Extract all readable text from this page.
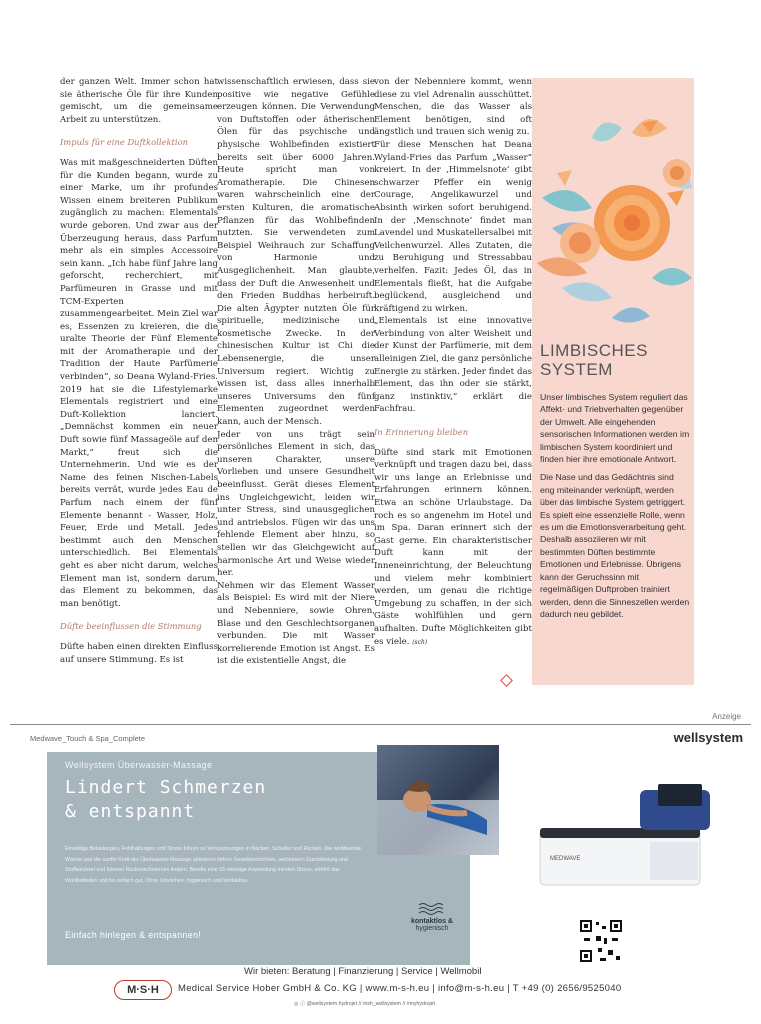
der ganzen Welt. Immer schon hat sie ätherische Öle für ihre Kunden gemischt, um die gemeinsame Arbeit zu unterstützen.

Impuls für eine Duftkollektion

Was mit maßgeschneiderten Düften für die Kunden begann, wurde zu einer Marke, um ihr profundes Wissen einem breiteren Publikum zugänglich zu machen: Elementals wurde geboren. Und zwar aus der Überzeugung heraus, dass Parfum mehr als ein simples Accessoire sein kann. „Ich habe fünf Jahre lang geforscht, recherchiert, mit Parfümeuren in Grasse und mit TCM-Experten zusammengearbeitet. Mein Ziel war es, Essenzen zu kreieren, die die uralte Theorie der Fünf Elemente mit der Aromatherapie und der Tradition der Haute Parfümerie verbinden“, so Deana Wyland-Fries. 2019 hat sie die Lifestylemarke Elementals registriert und eine Duft-Kollektion lanciert. „Demnächst kommen ein neuer Duft sowie fünf Massageöle auf den Markt,“ freut sich die Unternehmerin. Und wie es der Name des feinen Nischen-Labels bereits verrät, wurde jedes Eau de Parfum nach einem der fünf Elemente benannt - Wasser, Holz, Feuer, Erde und Metall. Jedes bestimmt auch den Menschen unterschiedlich. Bei Elementals geht es aber nicht darum, welches Element man ist, sondern darum, das Element zu bekommen, das man benötigt.

Düfte beeinflussen die Stimmung

Düfte haben einen direkten Einfluss auf unsere Stimmung. Es ist

wissenschaftlich erwiesen, dass sie positive wie negative Gefühle erzeugen können. Die Verwendung von Duftstoffen oder ätherischen Ölen für das psychische und physische Wohlbefinden existiert bereits seit über 6000 Jahren. Heute spricht man von Aromatherapie. Die Chinesen waren wahrscheinlich eine der ersten Kulturen, die aromatische Pflanzen für das Wohlbefinden nutzten. Sie verwendeten zum Beispiel Weihrauch zur Schaffung von Harmonie und Ausgeglichenheit. Man glaubte, dass der Duft die Anwesenheit und den Frieden Buddhas herbeiruft. Die alten Ägypter nutzten Öle für spirituelle, medizinische und kosmetische Zwecke. In der chinesischen Kultur ist Chi die Lebensenergie, die unser Universum regiert. Wichtig zu wissen ist, dass alles innerhalb unseres Universums den fünf Elementen zugeordnet werden kann, auch der Mensch.

Jeder von uns trägt sein persönliches Element in sich, das unseren Charakter, unsere Vorlieben und unsere Gesundheit beeinflusst. Gerät dieses Element ins Ungleichgewicht, leiden wir unter Stress, sind unausgeglichen und antriebslos. Fügen wir das uns fehlende Element aber hinzu, so stellen wir das Gleichgewicht auf harmonische Art und Weise wieder her.

Nehmen wir das Element Wasser als Beispiel: Es wird mit der Niere und Nebenniere, sowie Ohren, Blase und den Geschlechtsorganen verbunden. Die mit Wasser korrelierende Emotion ist Angst. Es ist die existentielle Angst, die

von der Nebenniere kommt, wenn diese zu viel Adrenalin ausschüttet. Menschen, die das Wasser als Element benötigen, sind oft ängstlich und trauen sich wenig zu.

Für diese Menschen hat Deana Wyland-Fries das Parfum „Wasser“ kreiert. In der ‚Himmelsnote‘ gibt schwarzer Pfeffer ein wenig Courage, Angelikawurzel und Absinth wirken sofort beruhigend. In der ‚Menschnote‘ findet man Lavendel und Muskatellersalbei mit Veilchenwurzel. Alles Zutaten, die zu Beruhigung und Stressabbau verhelfen. Fazit: Jedes Öl, das in Elementals fließt, hat die Aufgabe beglückend, ausgleichend und kräftigend zu wirken.

„Elementals ist eine innovative Verbindung von alter Weisheit und der Kunst der Parfümerie, mit dem alleinigen Ziel, die ganz persönliche Energie zu stärken. Jeder findet das Element, das ihn oder sie stärkt, ganz instinktiv,“ erklärt die Fachfrau.

In Erinnerung bleiben

Düfte sind stark mit Emotionen verknüpft und tragen dazu bei, dass wir uns lange an Erlebnisse und Erfahrungen erinnern können. Etwa an schöne Urlaubstage. Da roch es so angenehm im Hotel und im Spa. Daran erinnert sich der Gast gerne. Ein charakteristischer Duft kann mit der Inneneinrichtung, der Beleuchtung und vielem mehr kombiniert werden, um genau die richtige Umgebung zu schaffen, in der sich Gäste wohlfühlen und gern aufhalten. Dufte Möglichkeiten gibt es viele. (sch)

LIMBISCHES SYSTEM

Unser limbisches System reguliert das Affekt- und Triebverhalten gegenüber der Umwelt. Alle eingehenden sensorischen Informationen werden im limbischen System koordiniert und finden hier ihre emotionale Antwort.

Die Nase und das Gedächtnis sind eng miteinander verknüpft, werden über das limbische System getriggert. Es spielt eine essenzielle Rolle, wenn es um die Emotionsverarbeitung geht. Deshalb assoziieren wir mit bestimmten Düften bestimmte Emotionen und Erlebnisse. Übrigens kann der Geruchssinn mit regelmäßigen Duftproben trainiert werden, denn die Sinneszellen werden dadurch neu gebildet.

Anzeige
Medwave_Touch & Spa_Complete	wellsystem
Wellsystem Überwasser-Massage
Lindert Schmerzen
& entspannt
Einseitige Belastungen, Fehlhaltungen und Stress führen zu Verspannungen in Nacken, Schulter und Rücken. Die wohltuende Wärme und die sanfte Kraft der Überwasser-Massage aktivieren tiefere Gewebeschichten, verbessern Durchblutung und Stoffwechsel und können Rückenschmerzen lindern. Bereits eine 15-minütige Anwendung mindert Stress, erhöht das Wohlbefinden und tut einfach gut. Ohne Umziehen, hygienisch und kontaktlos.
Einfach hinlegen & entspannen!
kontaktlos &
hygienisch
MEDWAVE
Wir bieten: Beratung | Finanzierung | Service | Wellmobil
M·S·H	Medical Service Hober GmbH & Co. KG | www.m-s-h.eu | info@m-s-h.eu | T +49 (0) 2656/9525040
◎ ⓕ @wellsystem.hydrojet // msh_wellsystem // #myhydrojet
